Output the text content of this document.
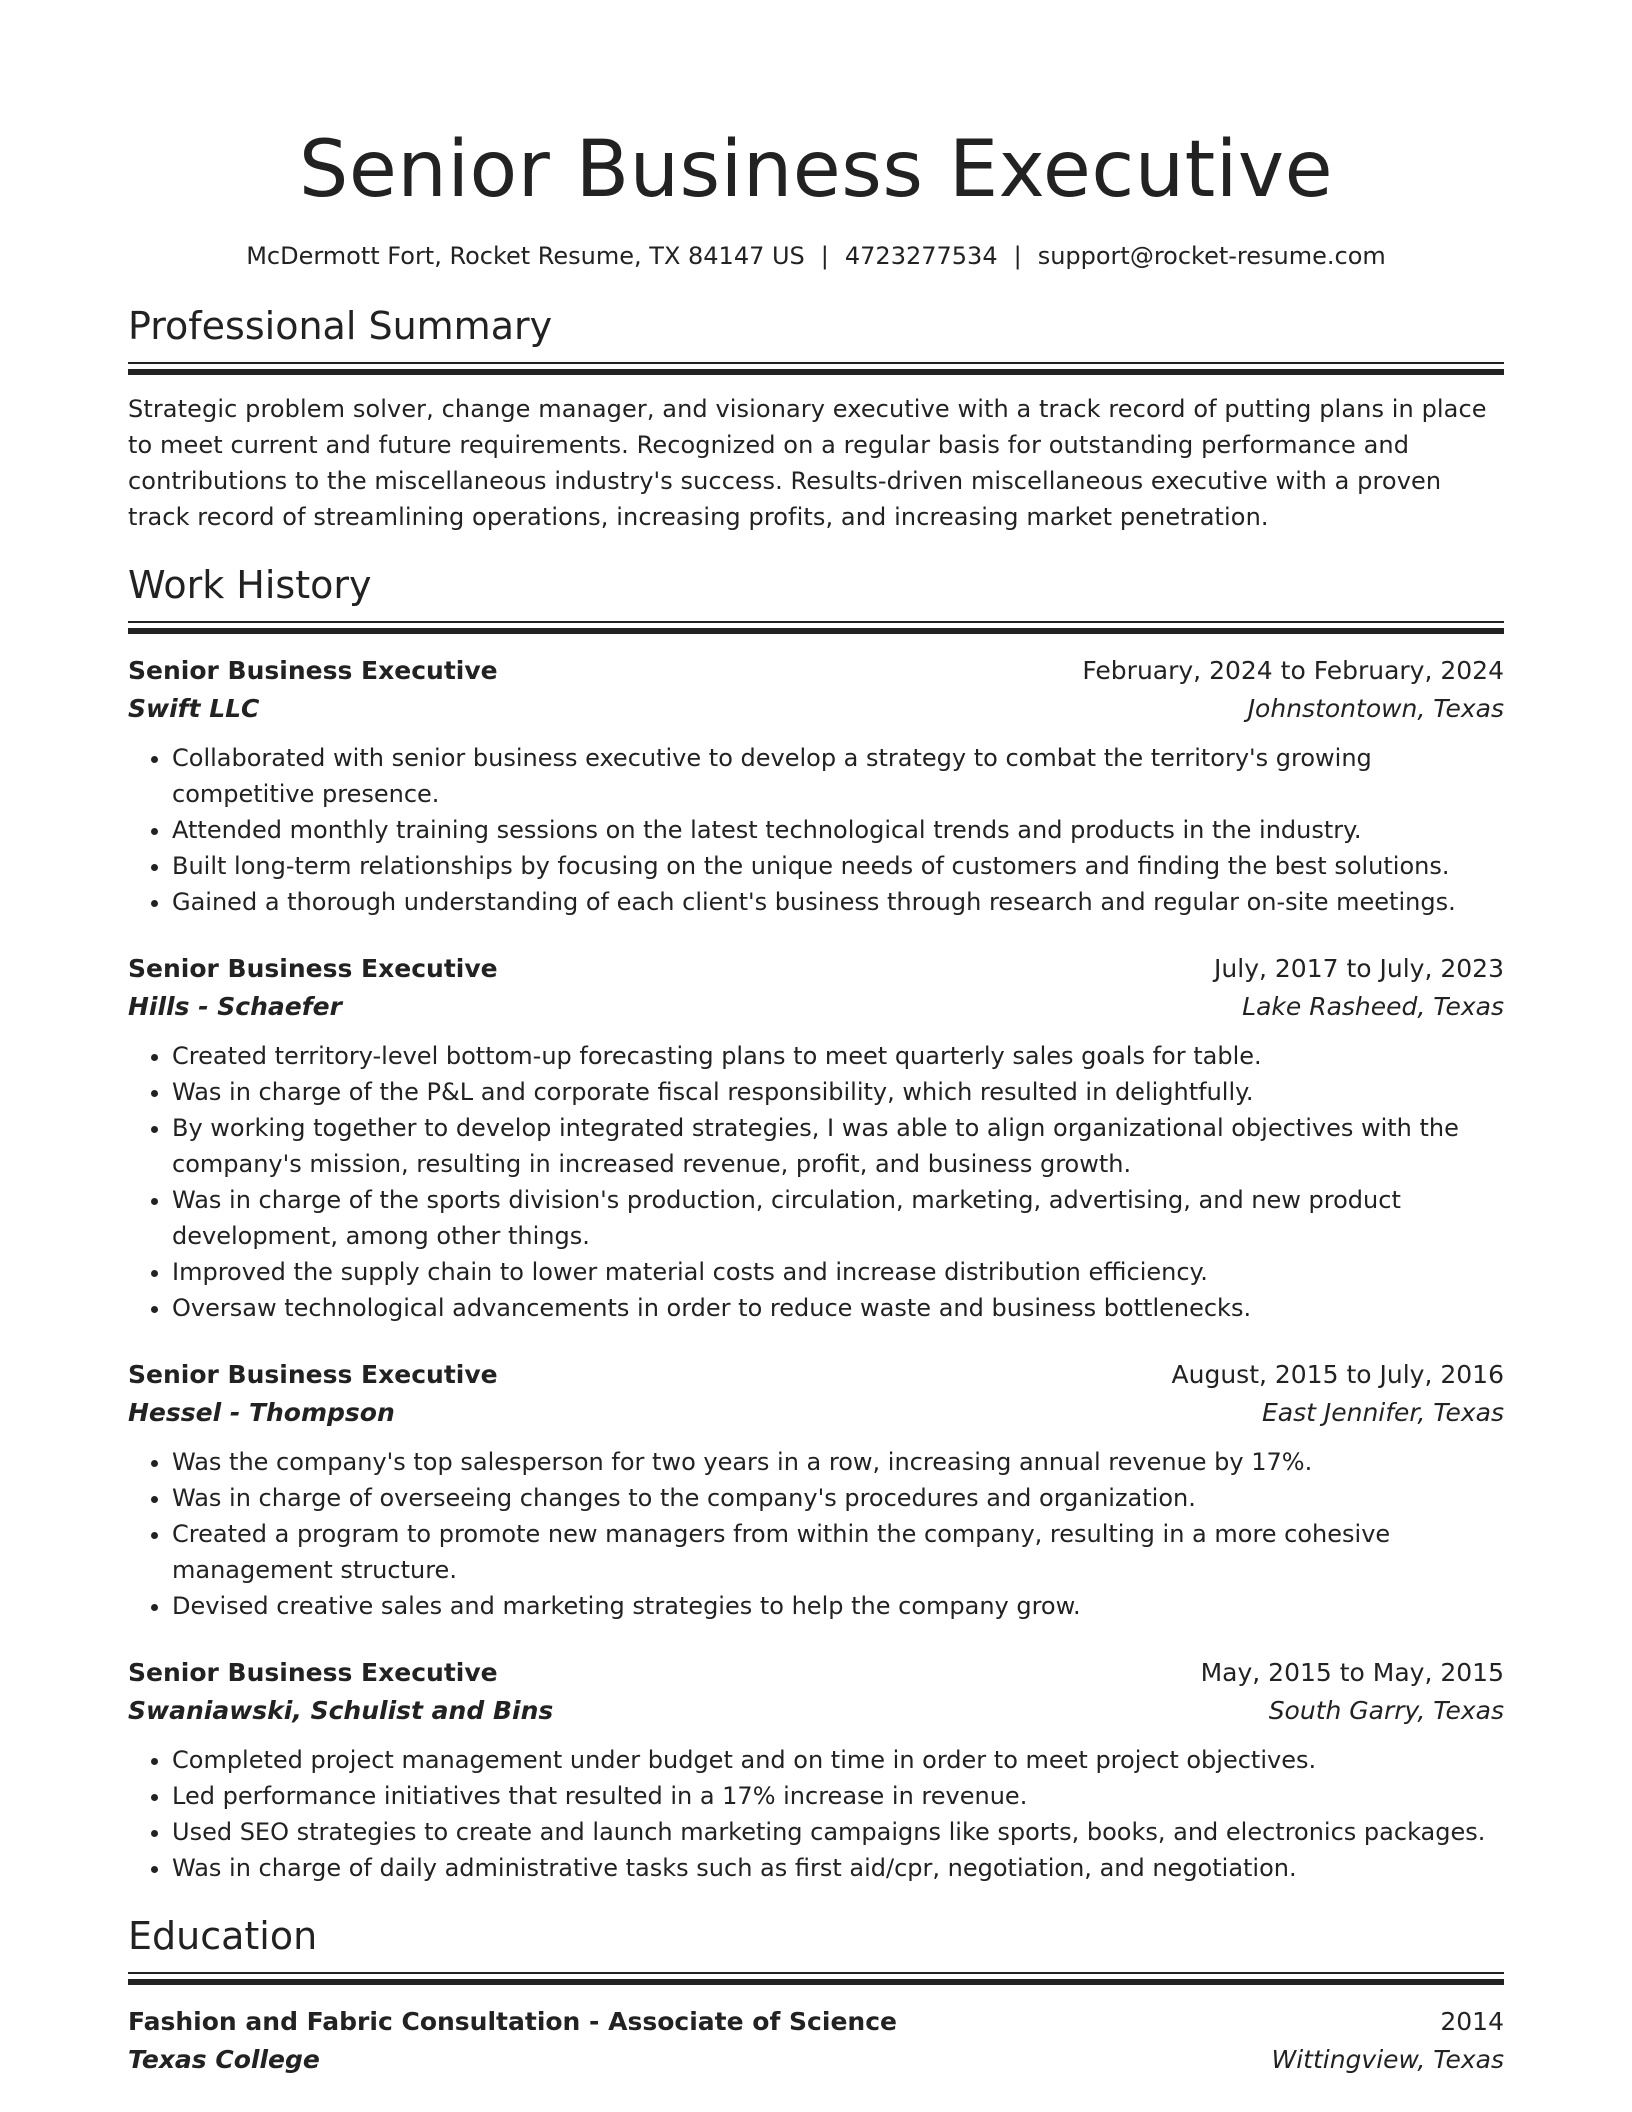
Senior Business Executive
McDermott Fort, Rocket Resume, TX 84147 US | 4723277534 | support@rocket-resume.com
Professional Summary
Strategic problem solver, change manager, and visionary executive with a track record of putting plans in place to meet current and future requirements. Recognized on a regular basis for outstanding performance and contributions to the miscellaneous industry's success. Results-driven miscellaneous executive with a proven track record of streamlining operations, increasing profits, and increasing market penetration.
Work History
Senior Business Executive	February, 2024 to February, 2024
Swift LLC	Johnstontown, Texas
• Collaborated with senior business executive to develop a strategy to combat the territory's growing competitive presence.
• Attended monthly training sessions on the latest technological trends and products in the industry.
• Built long-term relationships by focusing on the unique needs of customers and finding the best solutions.
• Gained a thorough understanding of each client's business through research and regular on-site meetings.
Senior Business Executive	July, 2017 to July, 2023
Hills - Schaefer	Lake Rasheed, Texas
• Created territory-level bottom-up forecasting plans to meet quarterly sales goals for table.
• Was in charge of the P&L and corporate fiscal responsibility, which resulted in delightfully.
• By working together to develop integrated strategies, I was able to align organizational objectives with the company's mission, resulting in increased revenue, profit, and business growth.
• Was in charge of the sports division's production, circulation, marketing, advertising, and new product development, among other things.
• Improved the supply chain to lower material costs and increase distribution efficiency.
• Oversaw technological advancements in order to reduce waste and business bottlenecks.
Senior Business Executive	August, 2015 to July, 2016
Hessel - Thompson	East Jennifer, Texas
• Was the company's top salesperson for two years in a row, increasing annual revenue by 17%.
• Was in charge of overseeing changes to the company's procedures and organization.
• Created a program to promote new managers from within the company, resulting in a more cohesive management structure.
• Devised creative sales and marketing strategies to help the company grow.
Senior Business Executive	May, 2015 to May, 2015
Swaniawski, Schulist and Bins	South Garry, Texas
• Completed project management under budget and on time in order to meet project objectives.
• Led performance initiatives that resulted in a 17% increase in revenue.
• Used SEO strategies to create and launch marketing campaigns like sports, books, and electronics packages.
• Was in charge of daily administrative tasks such as first aid/cpr, negotiation, and negotiation.
Education
Fashion and Fabric Consultation - Associate of Science	2014
Texas College	Wittingview, Texas
